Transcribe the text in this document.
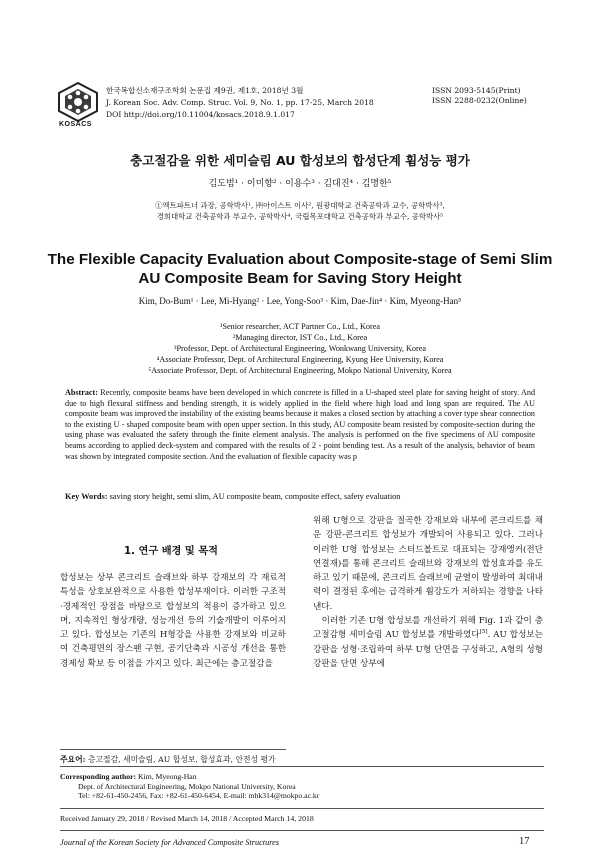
KOSACS
한국복합신소재구조학회 논문집 제9권, 제1호, 2018년 3월
J. Korean Soc. Adv. Comp. Struc. Vol. 9, No. 1, pp. 17-25, March 2018
DOI http://doi.org/10.11004/kosacs.2018.9.1.017
ISSN 2093-5145(Print)
ISSN 2288-0232(Online)
충고절감을 위한 세미슬림 AU 합성보의 합성단계 휨성능 평가
김도범¹ · 이미향² · 이용수³ · 김대진⁴ · 김명한⁵
①엑트파트너 과장, 공학박사¹, ㈜아이스트 이사², 원광대학교 건축공학과 교수, 공학박사³,
경희대학교 건축공학과 부교수, 공학박사⁴, 국립목포대학교 건축공학과 부교수, 공학박사⁵
The Flexible Capacity Evaluation about Composite-stage of Semi Slim
AU Composite Beam for Saving Story Height
Kim, Do-Bum¹ · Lee, Mi-Hyang² · Lee, Yong-Soo³ · Kim, Dae-Jin⁴ · Kim, Myeong-Han⁵
¹Senior researcher, ACT Partner Co., Ltd., Korea
²Managing director, IST Co., Ltd., Korea
³Professor, Dept. of Architectural Engineering, Wonkwang University, Korea
⁴Associate Professor, Dept. of Architectural Engineering, Kyung Hee University, Korea
⁵Associate Professor, Dept. of Architectural Engineering, Mokpo National University, Korea
Abstract: Recently, composite beams have been developed in which concrete is filled in a U-shaped steel plate for saving height of story. And due to high flexural stiffness and bending strength, it is widely applied in the field where high load and long span are required. The AU composite beam was improved the instability of the existing beams because it makes a closed section by attaching a cover type shear connection to the existing U - shaped composite beam with open upper section. In this study, AU composite beam resisted by composite-section during the using phase was evaluated the safety through the finite element analysis. The analysis is performed on the five specimens of AU composite beams according to applied deck-system and compared with the results of 2 - point bending test. As a result of the analysis, behavior of beam was shown by integrated composite section. And the evaluation of flexible capacity was p
Key Words: saving story height, semi slim, AU composite beam, composite effect, safety evaluation
1. 연구 배경 및 목적

합성보는 상부 콘크리트 슬래브와 하부 강재보의 각 재료적 특성을 상호보완적으로 사용한 합성부재이다. 이러한 구조적·경제적인 장점을 바탕으로 합성보의 적용이 증가하고 있으며, 지속적인 형상개량, 성능개선 등의 기술개발이 이루어지고 있다. 합성보는 기존의 H형강을 사용한 강재보와 비교하여 건축평면의 장스팬 구현, 공기단축과 시공성 개선을 통한 경제성 확보 등 이점을 가지고 있다. 최근에는 층고절감을

위해 U형으로 강판을 절곡한 강재보와 내부에 콘크리트를 채운 강판-콘크리트 합성보가 개발되어 사용되고 있다. 그러나 이러한 U형 합성보는 스터드볼트로 대표되는 강재앵커(전단연결재)를 통해 콘크리트 슬래브와 강재보의 합성효과를 유도하고 있기 때문에, 콘크리트 슬래브에 균열이 발생하여 최대내력이 결정된 후에는 급격하게 휨강도가 저하되는 경향을 나타낸다.

이러한 기존 U형 합성보를 개선하기 위해 Fig. 1과 같이 층고절감형 세미슬림 AU 합성보를 개발하였다[5]. AU 합성보는 강판을 성형·조립하여 하부 U형 단면을 구성하고, A형의 성형 강판을 단면 상부에

주요어: 층고절감, 세미슬림, AU 합성보, 합성효과, 안전성 평가
Corresponding author: Kim, Myeong-Han
Dept. of Architectural Engineering, Mokpo National University, Korea
Tel: +82-61-450-2456, Fax: +82-61-450-6454, E-mail: mhk314@mokpo.ac.kr
Received January 29, 2018 / Revised March 14, 2018 / Accepted March 14, 2018
Journal of the Korean Society for Advanced Composite Structures	17
